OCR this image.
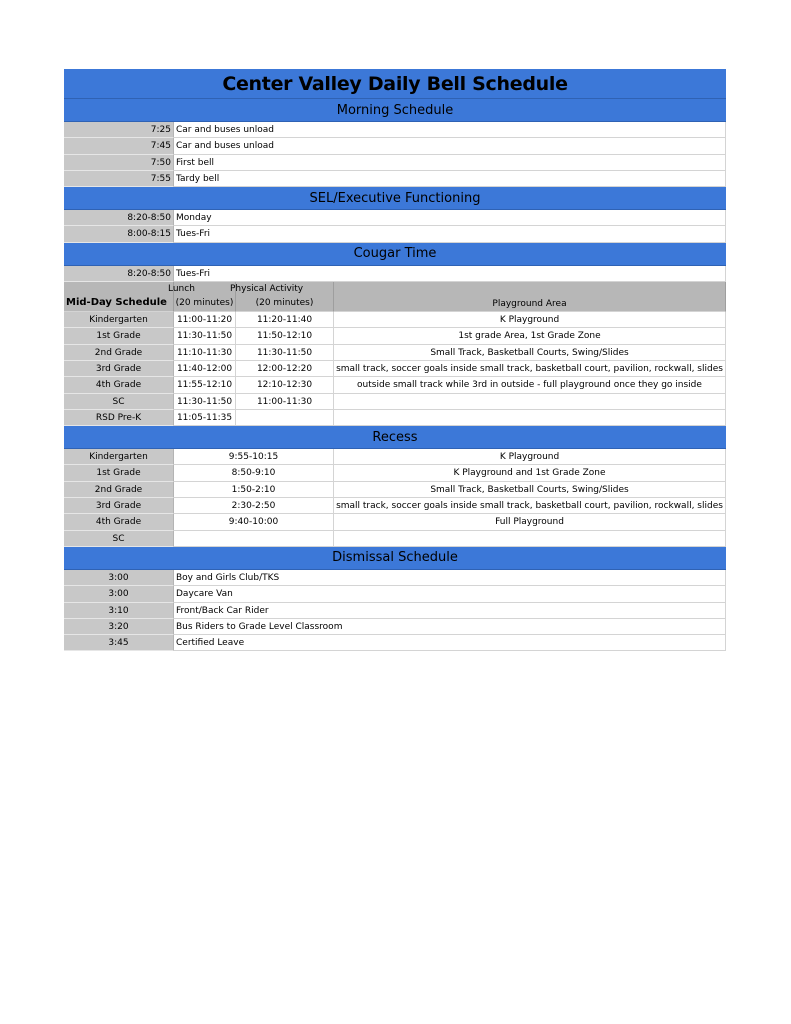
Center Valley Daily Bell Schedule
Morning Schedule
7:25 Car and buses unload
7:45 Car and buses unload
7:50 First bell
7:55 Tardy bell
SEL/Executive Functioning
8:20-8:50 Monday
8:00-8:15 Tues-Fri
Cougar Time
8:20-8:50 Tues-Fri
Mid-Day Schedule
Lunch
(20 minutes)
Physical Activity
(20 minutes)	Playground Area
Kindergarten	11:00-11:20	11:20-11:40	K Playground
1st Grade	11:30-11:50	11:50-12:10	1st grade Area, 1st Grade Zone
2nd Grade	11:10-11:30	11:30-11:50	Small Track, Basketball Courts, Swing/Slides
3rd Grade	11:40-12:00	12:00-12:20	small track, soccer goals inside small track, basketball court, pavilion, rockwall, slides
4th Grade	11:55-12:10	12:10-12:30	outside small track while 3rd in outside - full playground once they go inside
SC	11:30-11:50	11:00-11:30
RSD Pre-K	11:05-11:35
Recess
Kindergarten	9:55-10:15	K Playground
1st Grade	8:50-9:10	K Playground and 1st Grade Zone
2nd Grade	1:50-2:10	Small Track, Basketball Courts, Swing/Slides
3rd Grade	2:30-2:50	small track, soccer goals inside small track, basketball court, pavilion, rockwall, slides
4th Grade	9:40-10:00	Full Playground
SC
Dismissal Schedule
3:00	Boy and Girls Club/TKS
3:00	Daycare Van
3:10	Front/Back Car Rider
3:20	Bus Riders to Grade Level Classroom
3:45	Certified Leave
